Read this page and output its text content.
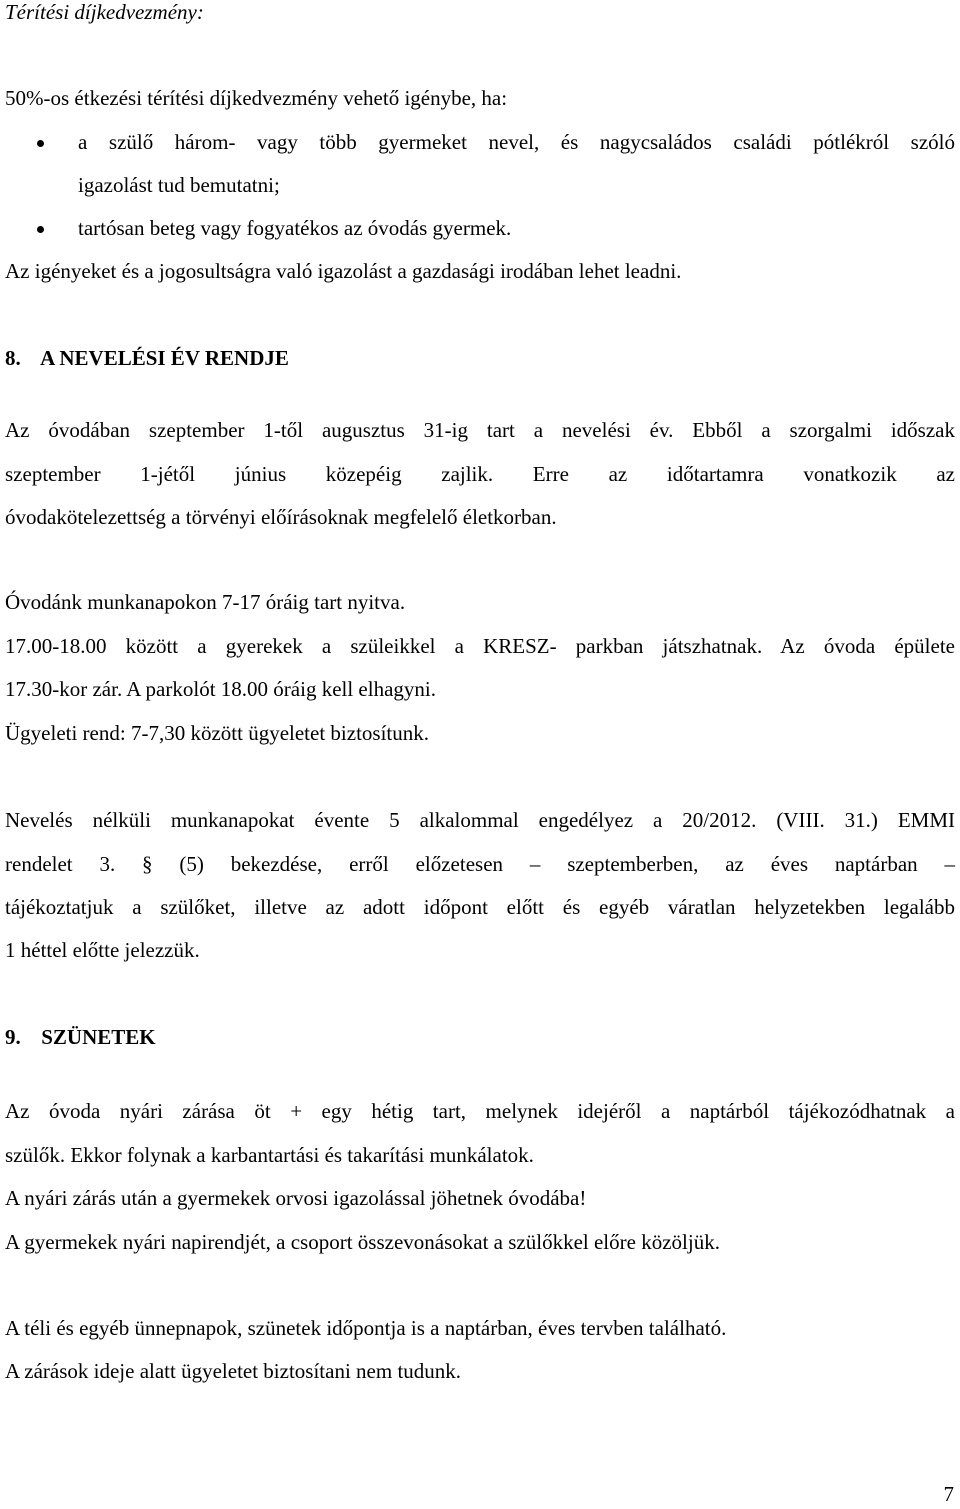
Térítési díjkedvezmény:
50%-os étkezési térítési díjkedvezmény vehető igénybe, ha:
a szülő három- vagy több gyermeket nevel, és nagycsaládos családi pótlékról szóló
igazolást tud bemutatni;
tartósan beteg vagy fogyatékos az óvodás gyermek.
Az igényeket és a jogosultságra való igazolást a gazdasági irodában lehet leadni.
8. A NEVELÉSI ÉV RENDJE
Az óvodában szeptember 1-től augusztus 31-ig tart a nevelési év. Ebből a szorgalmi időszak
szeptember 1-jétől június közepéig zajlik. Erre az időtartamra vonatkozik az
óvodakötelezettség a törvényi előírásoknak megfelelő életkorban.
Óvodánk munkanapokon 7-17 óráig tart nyitva.
17.00-18.00 között a gyerekek a szüleikkel a KRESZ- parkban játszhatnak. Az óvoda épülete
17.30-kor zár. A parkolót 18.00 óráig kell elhagyni.
Ügyeleti rend: 7-7,30 között ügyeletet biztosítunk.
Nevelés nélküli munkanapokat évente 5 alkalommal engedélyez a 20/2012. (VIII. 31.) EMMI
rendelet 3. § (5) bekezdése, erről előzetesen – szeptemberben, az éves naptárban –
tájékoztatjuk a szülőket, illetve az adott időpont előtt és egyéb váratlan helyzetekben legalább
1 héttel előtte jelezzük.
9. SZÜNETEK
Az óvoda nyári zárása öt + egy hétig tart, melynek idejéről a naptárból tájékozódhatnak a
szülők. Ekkor folynak a karbantartási és takarítási munkálatok.
A nyári zárás után a gyermekek orvosi igazolással jöhetnek óvodába!
A gyermekek nyári napirendjét, a csoport összevonásokat a szülőkkel előre közöljük.
A téli és egyéb ünnepnapok, szünetek időpontja is a naptárban, éves tervben található.
A zárások ideje alatt ügyeletet biztosítani nem tudunk.
7
